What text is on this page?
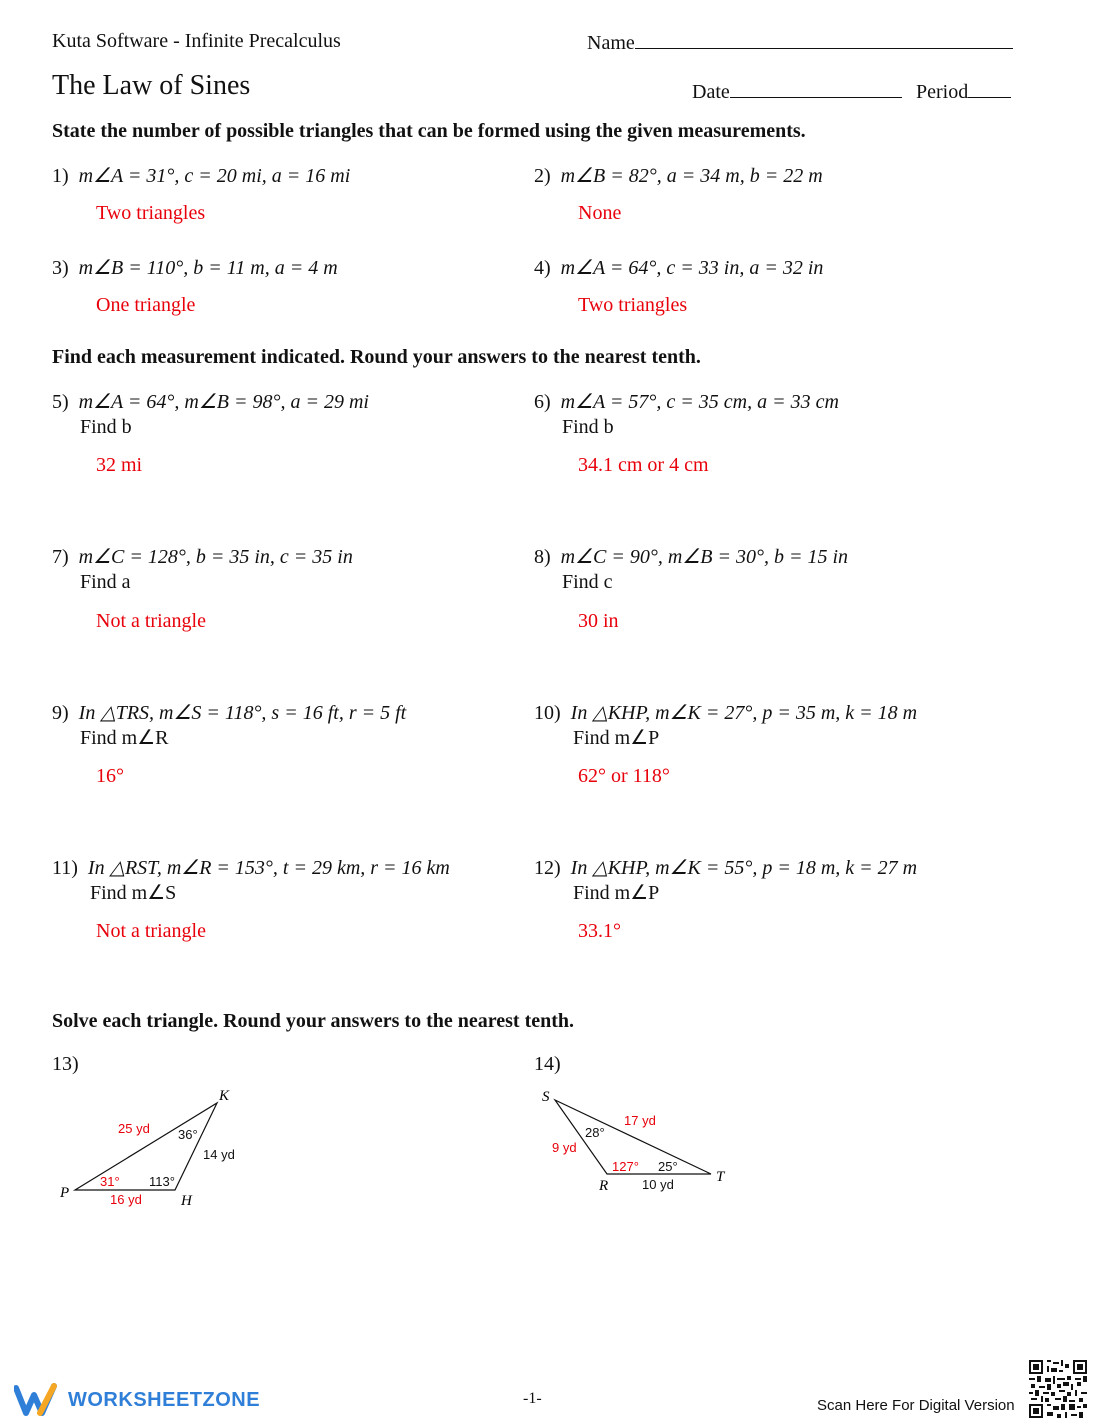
Kuta Software - Infinite Precalculus	Name
The Law of Sines	Date	Period
State the number of possible triangles that can be formed using the given measurements.
1) m∠A = 31°, c = 20 mi, a = 16 mi
Two triangles
2) m∠B = 82°, a = 34 m, b = 22 m
None
3) m∠B = 110°, b = 11 m, a = 4 m
One triangle
4) m∠A = 64°, c = 33 in, a = 32 in
Two triangles
Find each measurement indicated. Round your answers to the nearest tenth.
5) m∠A = 64°, m∠B = 98°, a = 29 mi
Find b
32 mi
6) m∠A = 57°, c = 35 cm, a = 33 cm
Find b
34.1 cm or 4 cm
7) m∠C = 128°, b = 35 in, c = 35 in
Find a
Not a triangle
8) m∠C = 90°, m∠B = 30°, b = 15 in
Find c
30 in
9) In △TRS, m∠S = 118°, s = 16 ft, r = 5 ft
Find m∠R
16°
10) In △KHP, m∠K = 27°, p = 35 m, k = 18 m
Find m∠P
62° or 118°
11) In △RST, m∠R = 153°, t = 29 km, r = 16 km
Find m∠S
Not a triangle
12) In △KHP, m∠K = 55°, p = 18 m, k = 27 m
Find m∠P
33.1°
Solve each triangle. Round your answers to the nearest tenth.
13)	14)
K
P	H
25 yd
14 yd
16 yd
36°
31° 113°
S
R
T
17 yd
9 yd
10 yd
28°
127° 25°
WORKSHEETZONE	-1-	Scan Here For Digital Version
